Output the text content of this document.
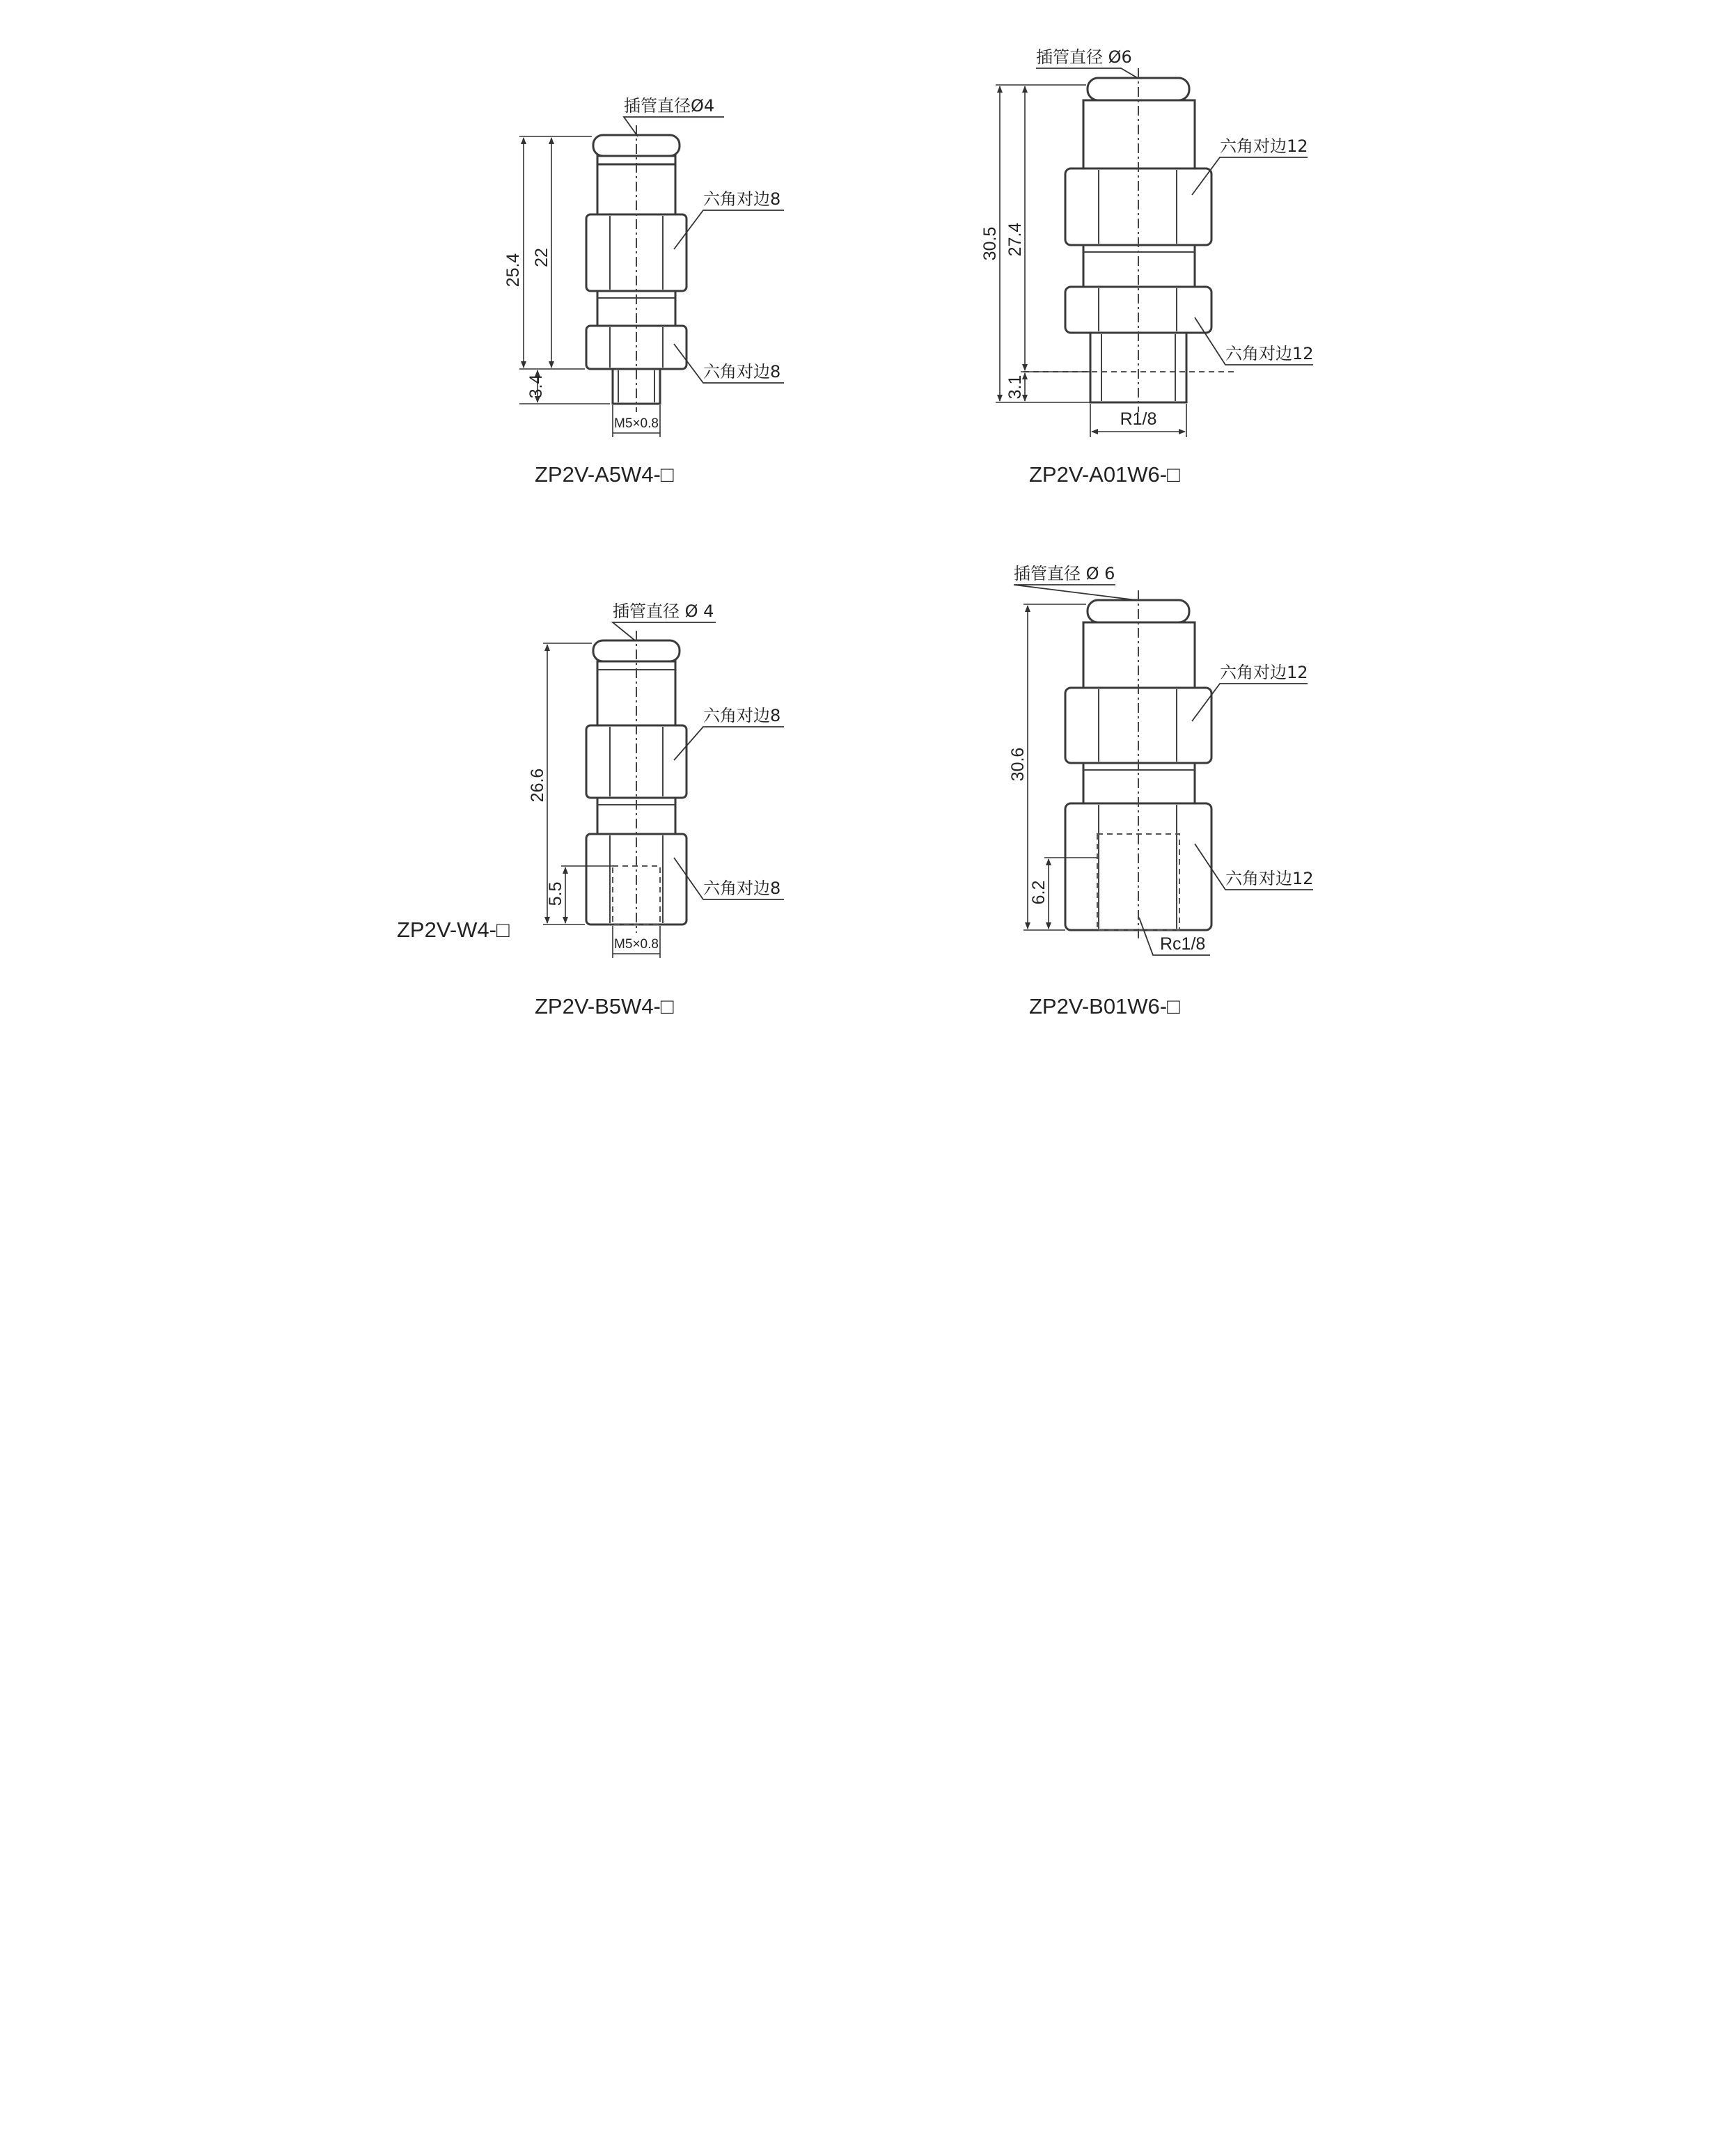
25.4 22
3.4
M5×0.8
插管直径Ø4
六角对边8
六角对边8
ZP2V-A5W4-□
30.5 27.4
3.1
R1/8
插管直径 Ø6
六角对边12
六角对边12
ZP2V-A01W6-□
26.6
5.5
M5×0.8
插管直径 Ø 4
六角对边8
六角对边8
ZP2V-W4-□
ZP2V-B5W4-□
30.6
6.2
Rc1/8
插管直径 Ø 6
六角对边12
六角对边12
ZP2V-B01W6-□
